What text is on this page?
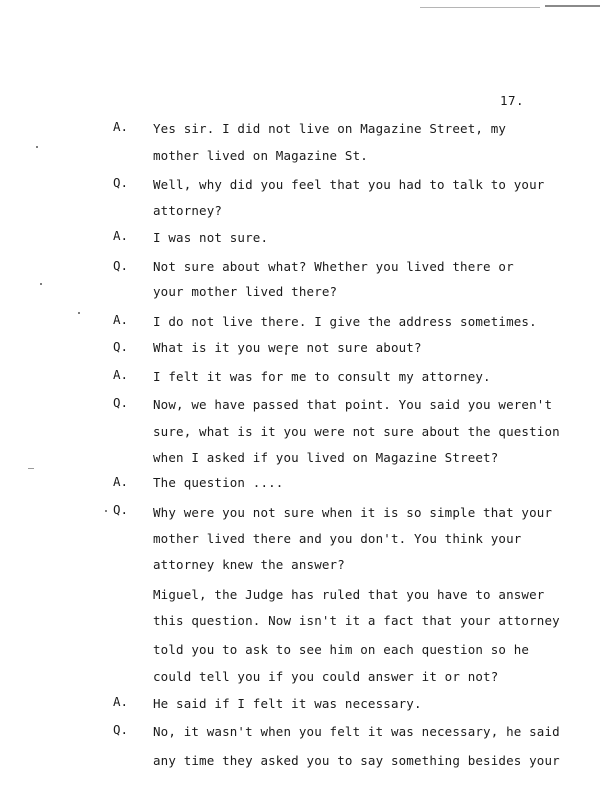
17.
A. Yes sir. I did not live on Magazine Street, my
mother lived on Magazine St.
Q. Well, why did you feel that you had to talk to your
attorney?
A. I was not sure.
Q. Not sure about what? Whether you lived there or
your mother lived there?
A. I do not live there. I give the address sometimes.
Q. What is it you were not sure about?
A. I felt it was for me to consult my attorney.
Q. Now, we have passed that point. You said you weren't
sure, what is it you were not sure about the question
when I asked if you lived on Magazine Street?
A. The question ....
Q. Why were you not sure when it is so simple that your
mother lived there and you don't. You think your
attorney knew the answer?
Miguel, the Judge has ruled that you have to answer
this question. Now isn't it a fact that your attorney
told you to ask to see him on each question so he
could tell you if you could answer it or not?
A. He said if I felt it was necessary.
Q. No, it wasn't when you felt it was necessary, he said
any time they asked you to say something besides your
